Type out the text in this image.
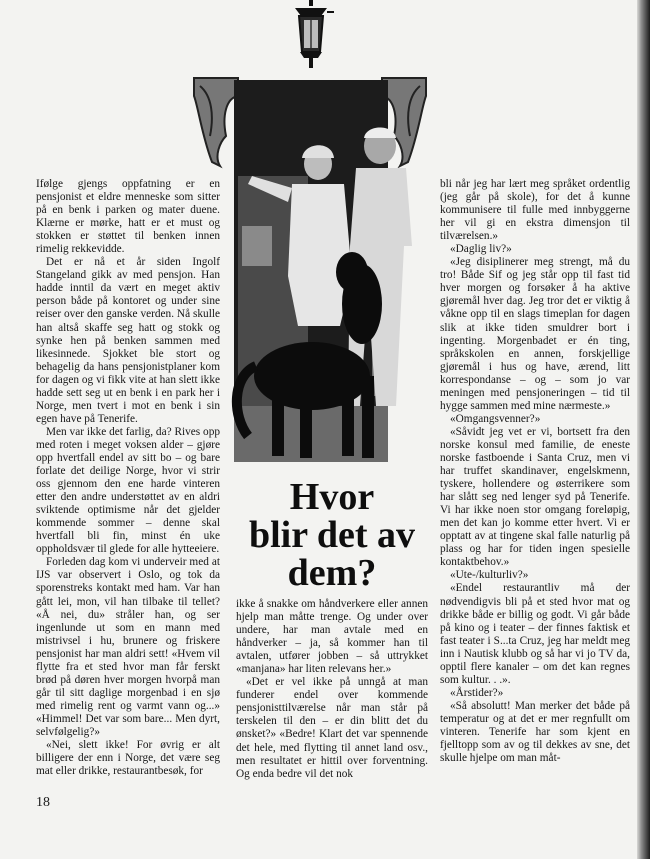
Ifølge gjengs oppfatning er en pensjonist et eldre menneske som sitter på en benk i parken og mater duene. Klærne er mørke, hatt er et must og stokken er støttet til benken innen rimelig rekkevidde.

Det er nå et år siden Ingolf Stangeland gikk av med pensjon. Han hadde inntil da vært en meget aktiv person både på kontoret og under sine reiser over den ganske verden. Nå skulle han altså skaffe seg hatt og stokk og synke hen på benken sammen med likesinnede. Sjokket ble stort og behagelig da hans pensjonistplaner kom for dagen og vi fikk vite at han slett ikke hadde sett seg ut en benk i en park her i Norge, men tvert i mot en benk i sin egen have på Tenerife.

Men var ikke det farlig, da? Rives opp med roten i meget voksen alder – gjøre opp hvertfall endel av sitt bo – og bare forlate det deilige Norge, hvor vi strir oss gjennom den ene harde vinteren etter den andre understøttet av en aldri sviktende optimisme når det gjelder kommende sommer – denne skal hvertfall bli fin, minst én uke oppholdsvær til glede for alle hytteeiere.

Forleden dag kom vi underveir med at IJS var observert i Oslo, og tok da sporenstreks kontakt med ham. Var han gått lei, mon, vil han tilbake til tellet? «Å nei, du» stråler han, og ser ingenlunde ut som en mann med mistrivsel i hu, brunere og friskere pensjonist har man aldri sett! «Hvem vil flytte fra et sted hvor man får ferskt brød på døren hver morgen hvorpå man går til sitt daglige morgenbad i en sjø med rimelig rent og varmt vann og...» «Himmel! Det var som bare... Men dyrt, selvfølgelig?»

«Nei, slett ikke! For øvrig er alt billigere der enn i Norge, det være seg mat eller drikke, restaurantbesøk, for

Hvor
blir det av
dem?

ikke å snakke om håndverkere eller annen hjelp man måtte trenge. Og under over undere, har man avtale med en håndverker – ja, så kommer han til avtalen, utfører jobben – så uttrykket «manjana» har liten relevans her.»

«Det er vel ikke på unngå at man funderer endel over kommende pensjonisttilværelse når man står på terskelen til den – er din blitt det du ønsket?» «Bedre! Klart det var spennende det hele, med flytting til annet land osv., men resultatet er hittil over forventning. Og enda bedre vil det nok

bli når jeg har lært meg språket ordentlig (jeg går på skole), for det å kunne kommunisere til fulle med innbyggerne her vil gi en ekstra dimensjon til tilværelsen.»

«Daglig liv?»

«Jeg disiplinerer meg strengt, må du tro! Både Sif og jeg står opp til fast tid hver morgen og forsøker å ha aktive gjøremål hver dag. Jeg tror det er viktig å våkne opp til en slags timeplan for dagen slik at ikke tiden smuldrer bort i ingenting. Morgenbadet er én ting, språkskolen en annen, forskjellige gjøremål i hus og have, ærend, litt korrespondanse – og – som jo var meningen med pensjoneringen – tid til hygge sammen med mine nærmeste.»

«Omgangsvenner?»

«Såvidt jeg vet er vi, bortsett fra den norske konsul med familie, de eneste norske fastboende i Santa Cruz, men vi har truffet skandinaver, engelskmenn, tyskere, hollendere og østerrikere som har slått seg ned lenger syd på Tenerife. Vi har ikke noen stor omgang foreløpig, men det kan jo komme etter hvert. Vi er opptatt av at tingene skal falle naturlig på plass og har for tiden ingen spesielle kontaktbehov.»

«Ute-/kulturliv?»

«Endel restaurantliv må der nødvendigvis bli på et sted hvor mat og drikke både er billig og godt. Vi går både på kino og i teater – der finnes faktisk et fast teater i S...ta Cruz, jeg har meldt meg inn i Nautisk klubb og så har vi jo TV da, opptil flere kanaler – om det kan regnes som kultur. . .».

«Årstider?»

«Så absolutt! Man merker det både på temperatur og at det er mer regnfullt om vinteren. Tenerife har som kjent en fjelltopp som av og til dekkes av sne, det skulle hjelpe om man måt-

18
